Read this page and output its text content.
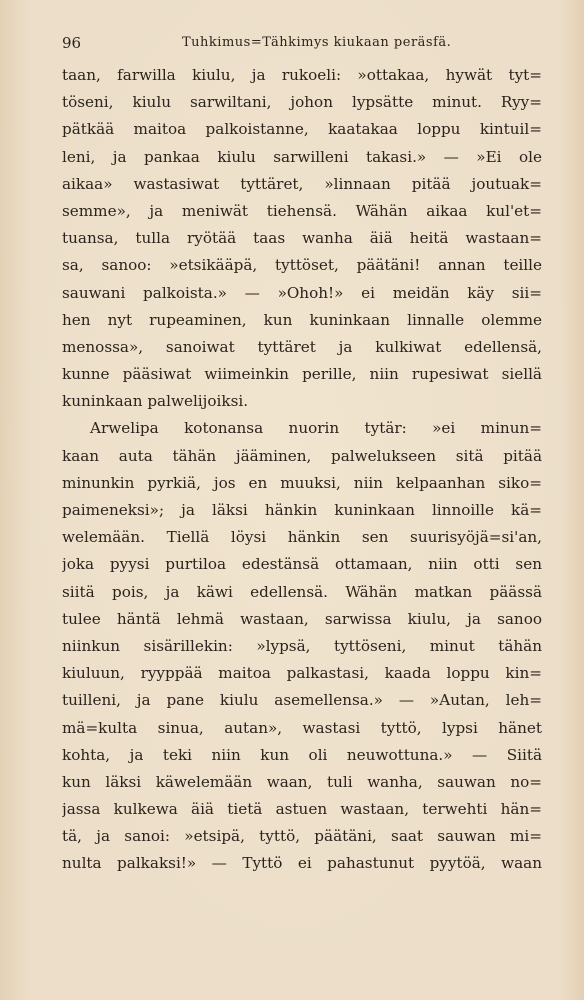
96	Tuhkimus=Tähkimys kiukaan peräsfä.
taan, farwilla kiulu, ja rukoeli: »ottakaa, hywät tyt=
töseni, kiulu sarwiltani, johon lypsätte minut. Ryy=
pätkää maitoa palkoistanne, kaatakaa loppu kintuil=
leni, ja pankaa kiulu sarwilleni takasi.» — »Ei ole
aikaa» wastasiwat tyttäret, »linnaan pitää joutuak=
semme», ja meniwät tiehensä. Wähän aikaa kul'et=
tuansa, tulla ryötää taas wanha äiä heitä wastaan=
sa, sanoo: »etsikääpä, tyttöset, päätäni! annan teille
sauwani palkoista.» — »Ohoh!» ei meidän käy sii=
hen nyt rupeaminen, kun kuninkaan linnalle olemme
menossa», sanoiwat tyttäret ja kulkiwat edellensä,
kunne pääsiwat wiimeinkin perille, niin rupesiwat siellä
kuninkaan palwelijoiksi.
Arwelipa kotonansa nuorin tytär: »ei minun=
kaan auta tähän jääminen, palwelukseen sitä pitää
minunkin pyrkiä, jos en muuksi, niin kelpaanhan siko=
paimeneksi»; ja läksi hänkin kuninkaan linnoille kä=
welemään. Tiellä löysi hänkin sen suurisyöjä=si'an,
joka pyysi purtiloa edestänsä ottamaan, niin otti sen
siitä pois, ja käwi edellensä. Wähän matkan päässä
tulee häntä lehmä wastaan, sarwissa kiulu, ja sanoo
niinkun sisärillekin: »lypsä, tyttöseni, minut tähän
kiuluun, ryyppää maitoa palkastasi, kaada loppu kin=
tuilleni, ja pane kiulu asemellensa.» — »Autan, leh=
mä=kulta sinua, autan», wastasi tyttö, lypsi hänet
kohta, ja teki niin kun oli neuwottuna.» — Siitä
kun läksi käwelemään waan, tuli wanha, sauwan no=
jassa kulkewa äiä tietä astuen wastaan, terwehti hän=
tä, ja sanoi: »etsipä, tyttö, päätäni, saat sauwan mi=
nulta palkaksi!» — Tyttö ei pahastunut pyytöä, waan
